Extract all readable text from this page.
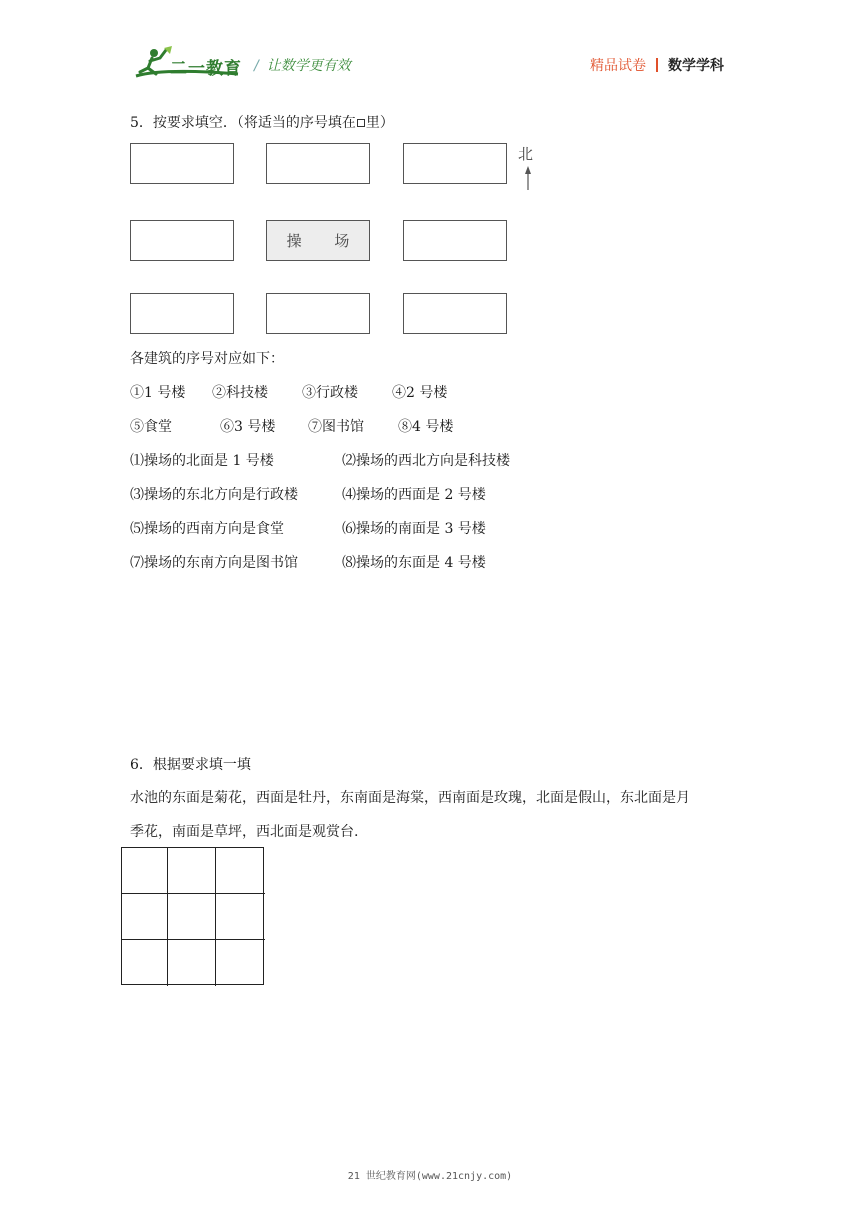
二一教育 / 让数学更有效	精品试卷 数学学科
5．按要求填空．（将适当的序号填在 里）
操 场
北
各建筑的序号对应如下：
①1 号楼 ②科技楼 ③行政楼 ④2 号楼
⑤食堂	⑥3 号楼 ⑦图书馆 ⑧4 号楼
⑴操场的北面是 1 号楼	⑵操场的西北方向是科技楼
⑶操场的东北方向是行政楼	⑷操场的西面是 2 号楼
⑸操场的西南方向是食堂	⑹操场的南面是 3 号楼
⑺操场的东南方向是图书馆	⑻操场的东面是 4 号楼
6．根据要求填一填
水池的东面是菊花，西面是牡丹，东南面是海棠，西南面是玫瑰，北面是假山，东北面是月
季花，南面是草坪，西北面是观赏台.
21 世纪教育网(www.21cnjy.com)
